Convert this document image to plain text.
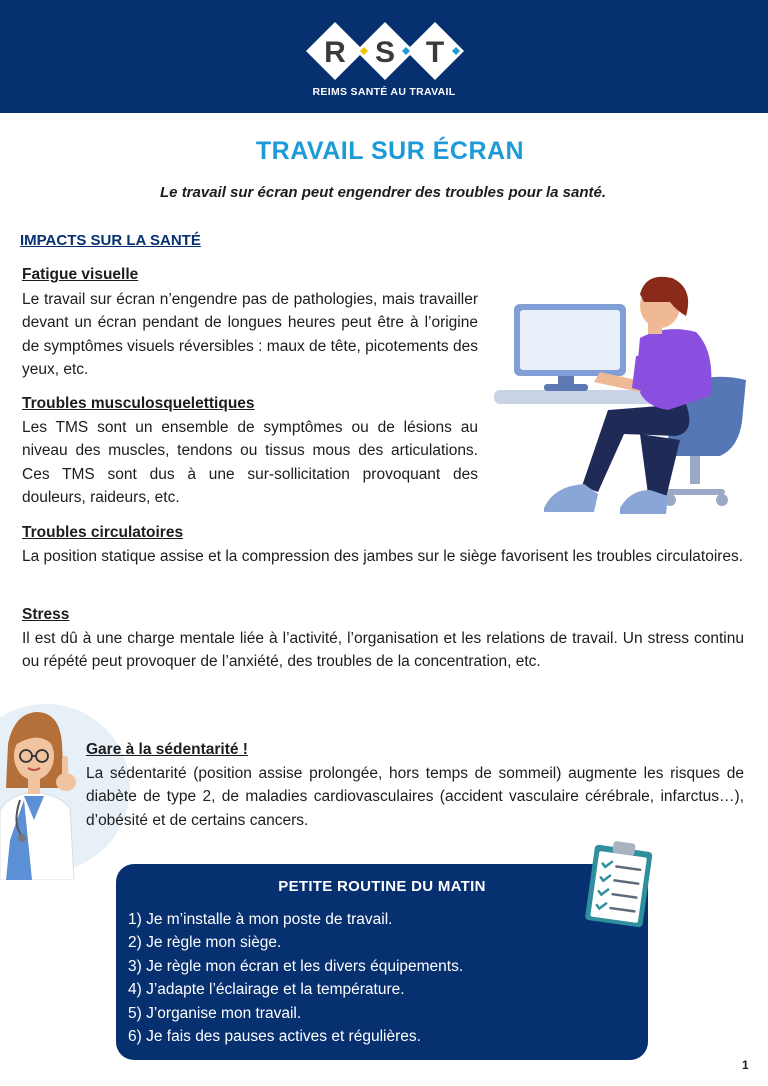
R S T
REIMS SANTÉ AU TRAVAIL
TRAVAIL SUR ÉCRAN
Le travail sur écran peut engendrer des troubles pour la santé.
IMPACTS SUR LA SANTÉ
Fatigue visuelle
Le travail sur écran n’engendre pas de pathologies, mais travailler devant un écran pendant de longues heures peut être à l’origine de symptômes visuels réversibles : maux de tête, picotements des yeux, etc.
Troubles musculosquelettiques
Les TMS sont un ensemble de symptômes ou de lésions au niveau des muscles, tendons ou tissus mous des articulations. Ces TMS sont dus à une sur-sollicitation provoquant des douleurs, raideurs, etc.
Troubles circulatoires
La position statique assise et la compression des jambes sur le siège favorisent les troubles circulatoires.
Stress
Il est dû à une charge mentale liée à l’activité, l’organisation et les relations de travail. Un stress continu ou répété peut provoquer de l’anxiété, des troubles de la concentration, etc.
Gare à la sédentarité !
La sédentarité (position assise prolongée, hors temps de sommeil) augmente les risques de diabète de type 2, de maladies cardiovasculaires (accident vasculaire cérébrale, infarctus…), d’obésité et de certains cancers.
PETITE ROUTINE DU MATIN
1) Je m’installe à mon poste de travail.
2) Je règle mon siège.
3) Je règle mon écran et les divers équipements.
4) J’adapte l’éclairage et la température.
5) J’organise mon travail.
6) Je fais des pauses actives et régulières.
1
